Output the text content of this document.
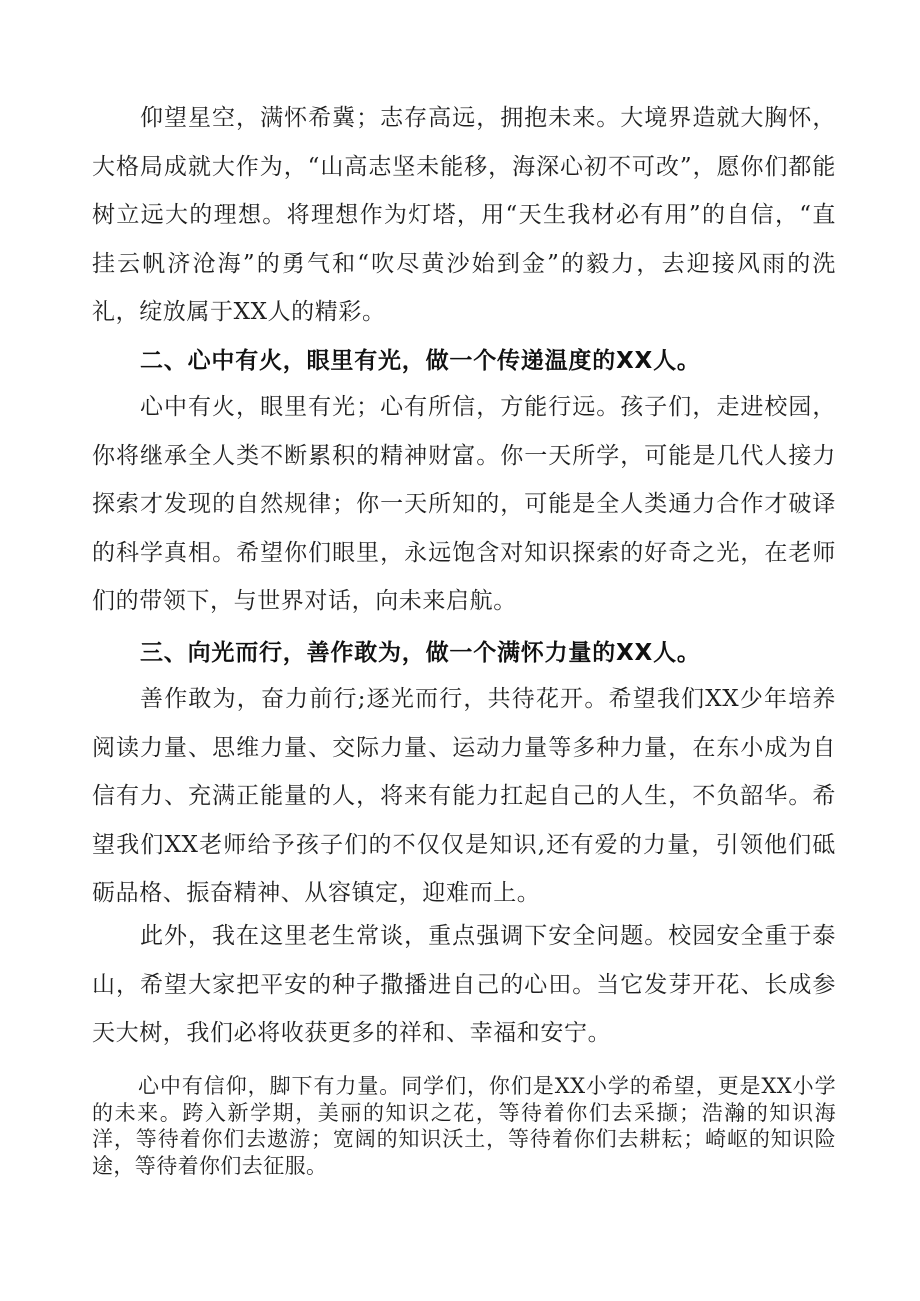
仰望星空，满怀希冀；志存高远，拥抱未来。大境界造就大胸怀，大格局成就大作为，“山高志坚未能移，海深心初不可改”，愿你们都能树立远大的理想。将理想作为灯塔，用“天生我材必有用”的自信，“直挂云帆济沧海”的勇气和“吹尽黄沙始到金”的毅力，去迎接风雨的洗礼，绽放属于XX人的精彩。

二、心中有火，眼里有光，做一个传递温度的XX人。

心中有火，眼里有光；心有所信，方能行远。孩子们，走进校园，你将继承全人类不断累积的精神财富。你一天所学，可能是几代人接力探索才发现的自然规律；你一天所知的，可能是全人类通力合作才破译的科学真相。希望你们眼里，永远饱含对知识探索的好奇之光，在老师们的带领下，与世界对话，向未来启航。

三、向光而行，善作敢为，做一个满怀力量的XX人。

善作敢为，奋力前行;逐光而行，共待花开。希望我们XX少年培养阅读力量、思维力量、交际力量、运动力量等多种力量，在东小成为自信有力、充满正能量的人，将来有能力扛起自己的人生，不负韶华。希望我们XX老师给予孩子们的不仅仅是知识,还有爱的力量，引领他们砥砺品格、振奋精神、从容镇定，迎难而上。

此外，我在这里老生常谈，重点强调下安全问题。校园安全重于泰山，希望大家把平安的种子撒播进自己的心田。当它发芽开花、长成参天大树，我们必将收获更多的祥和、幸福和安宁。

心中有信仰，脚下有力量。同学们，你们是XX小学的希望，更是XX小学的未来。跨入新学期，美丽的知识之花，等待着你们去采撷；浩瀚的知识海洋，等待着你们去遨游；宽阔的知识沃土，等待着你们去耕耘；崎岖的知识险途，等待着你们去征服。
